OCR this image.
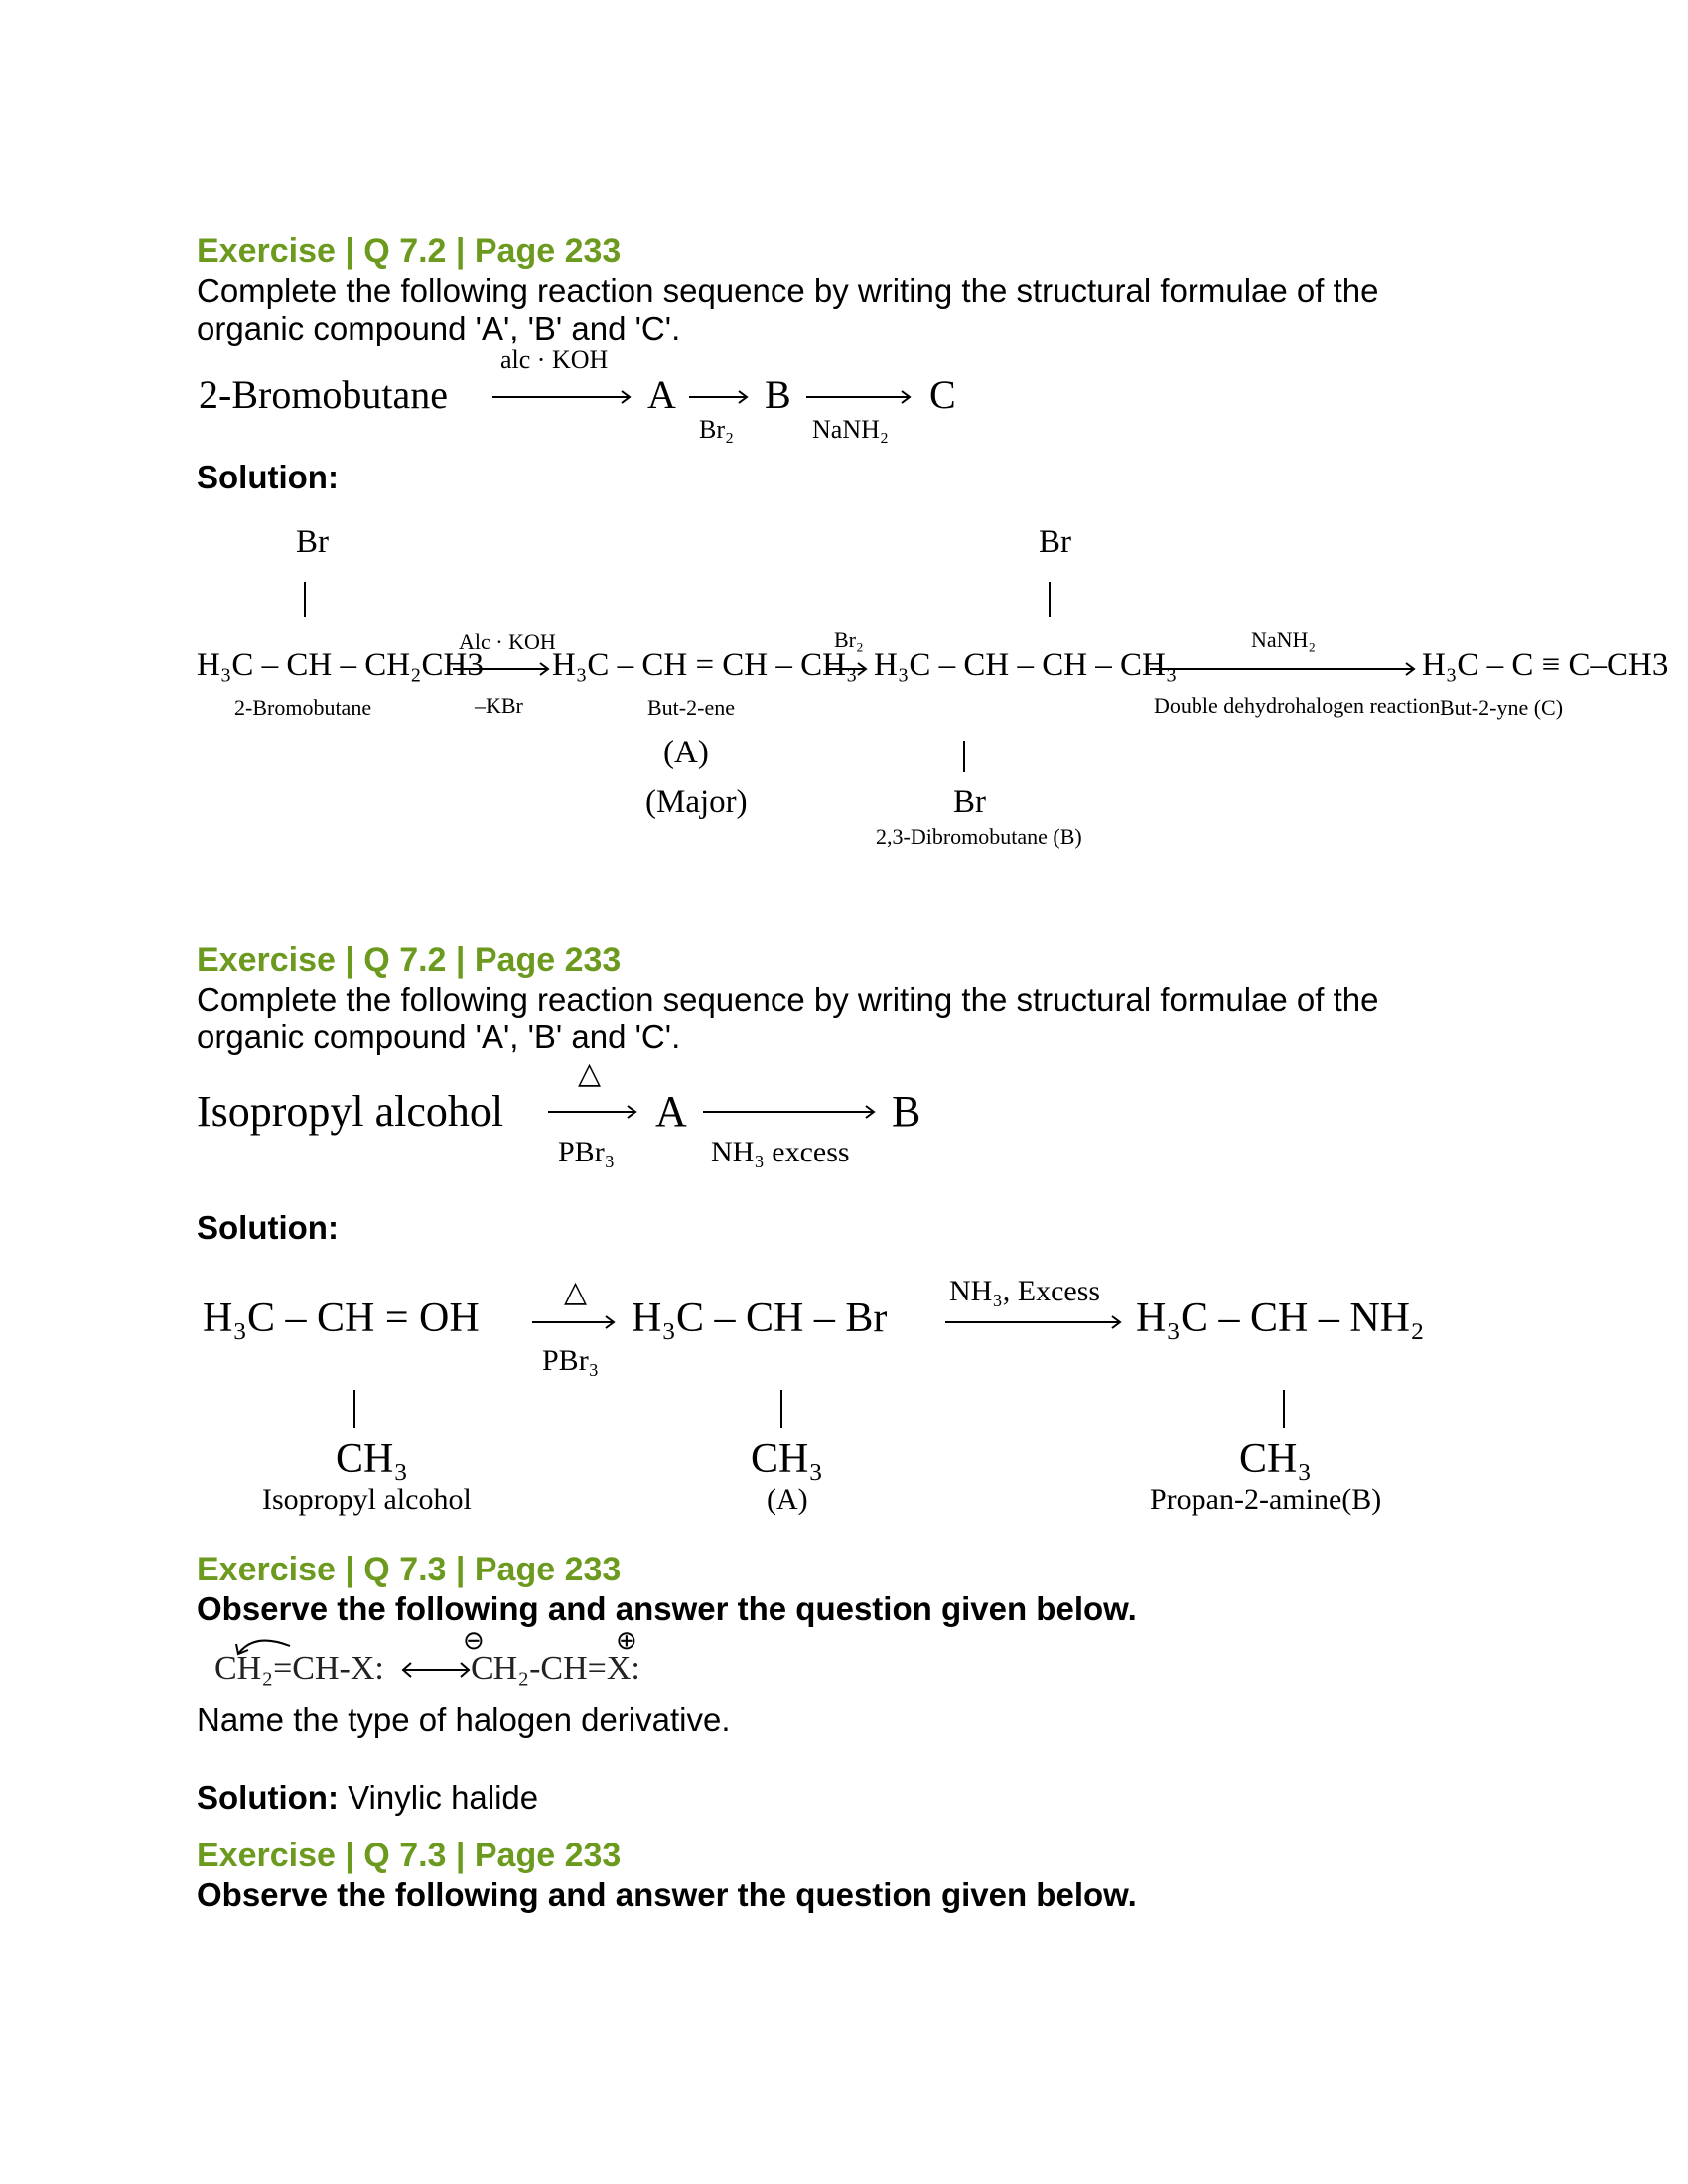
Exercise | Q 7.2 | Page 233
Complete the following reaction sequence by writing the structural formulae of the
organic compound 'A', 'B' and 'C'.
2-Bromobutane
alc · KOH
A →
Br₂
B
NaNH₂
C
Solution:
Br	Br
H₃C – CH – CH₂CH3
2-Bromobutane
Alc · KOH
–KBr
H₃C – CH = CH – CH₃
But-2-ene
(A)
(Major)
Br₂
→ H₃C – CH – CH – CH₃
Br
2,3-Dibromobutane (B)
NaNH₂
Double dehydrohalogen reaction
H₃C – C ≡ C–CH3
But-2-yne (C)
Exercise | Q 7.2 | Page 233
Complete the following reaction sequence by writing the structural formulae of the
organic compound 'A', 'B' and 'C'.
Isopropyl alcohol
△
PBr₃
A
NH₃ excess
B
Solution:
H₃C – CH = OH
△
PBr₃
H₃C – CH – Br
NH₃, Excess
H₃C – CH – NH₂
CH₃
Isopropyl alcohol
CH₃
(A)
CH₃
Propan-2-amine(B)
Exercise | Q 7.3 | Page 233
Observe the following and answer the question given below.
CH₂=CH-X:
⊖
CH₂-CH=X:
⊕
Name the type of halogen derivative.
Solution: Vinylic halide
Exercise | Q 7.3 | Page 233
Observe the following and answer the question given below.
